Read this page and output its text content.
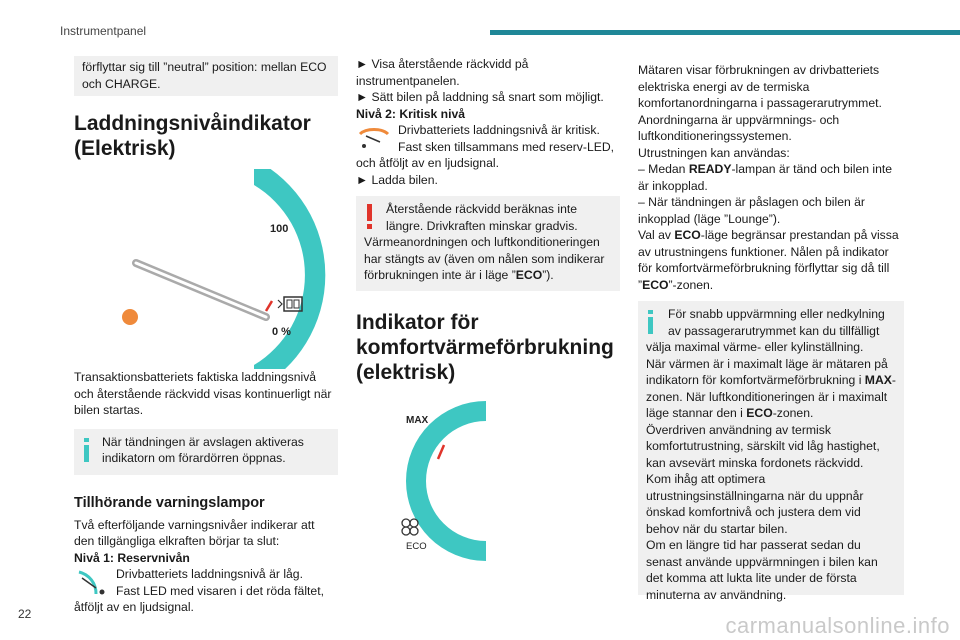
Instrumentpanel

förflyttar sig till ”neutral” position: mellan ECO och CHARGE.

Laddningsnivåindikator (Elektrisk)
100
0 %

Transaktionsbatteriets faktiska laddningsnivå och återstående räckvidd visas kontinuerligt när bilen startas.

När tändningen är avslagen aktiveras indikatorn om förardörren öppnas.

Tillhörande varningslampor

Två efterföljande varningsnivåer indikerar att den tillgängliga elkraften börjar ta slut:

Nivå 1: Reservnivån

Drivbatteriets laddningsnivå är låg.

Fast LED med visaren i det röda fältet,

åtföljt av en ljudsignal.

► Visa återstående räckvidd på instrumentpanelen.

► Sätt bilen på laddning så snart som möjligt.

Nivå 2: Kritisk nivå

Drivbatteriets laddningsnivå är kritisk.

Fast sken tillsammans med reserv-LED,

och åtföljt av en ljudsignal.

► Ladda bilen.

Återstående räckvidd beräknas inte

längre. Drivkraften minskar gradvis.

Värmeanordningen och luftkonditioneringen har stängts av (även om nålen som indikerar förbrukningen inte är i läge ”ECO”).

Indikator för komfortvärmeförbrukning (elektrisk)
MAX
ECO

Mätaren visar förbrukningen av drivbatteriets elektriska energi av de termiska komfortanordningarna i passagerarutrymmet. Anordningarna är uppvärmnings- och luftkonditioneringssystemen.

Utrustningen kan användas:

– Medan READY-lampan är tänd och bilen inte är inkopplad.

– När tändningen är påslagen och bilen är inkopplad (läge ”Lounge”).

Val av ECO-läge begränsar prestandan på vissa av utrustningens funktioner. Nålen på indikator för komfortvärmeförbrukning förflyttar sig då till ”ECO”-zonen.

För snabb uppvärmning eller nedkylning

av passagerarutrymmet kan du tillfälligt

välja maximal värme- eller kylinställning.

När värmen är i maximalt läge är mätaren på indikatorn för komfortvärmeförbrukning i MAX-zonen. När luftkonditioneringen är i maximalt läge stannar den i ECO-zonen.

Överdriven användning av termisk komfortutrustning, särskilt vid låg hastighet, kan avsevärt minska fordonets räckvidd.

Kom ihåg att optimera utrustningsinställningarna när du uppnår önskad komfortnivå och justera dem vid behov när du startar bilen.

Om en längre tid har passerat sedan du senast använde uppvärmningen i bilen kan det komma att lukta lite under de första minuterna av användning.

22	carmanualsonline.info
